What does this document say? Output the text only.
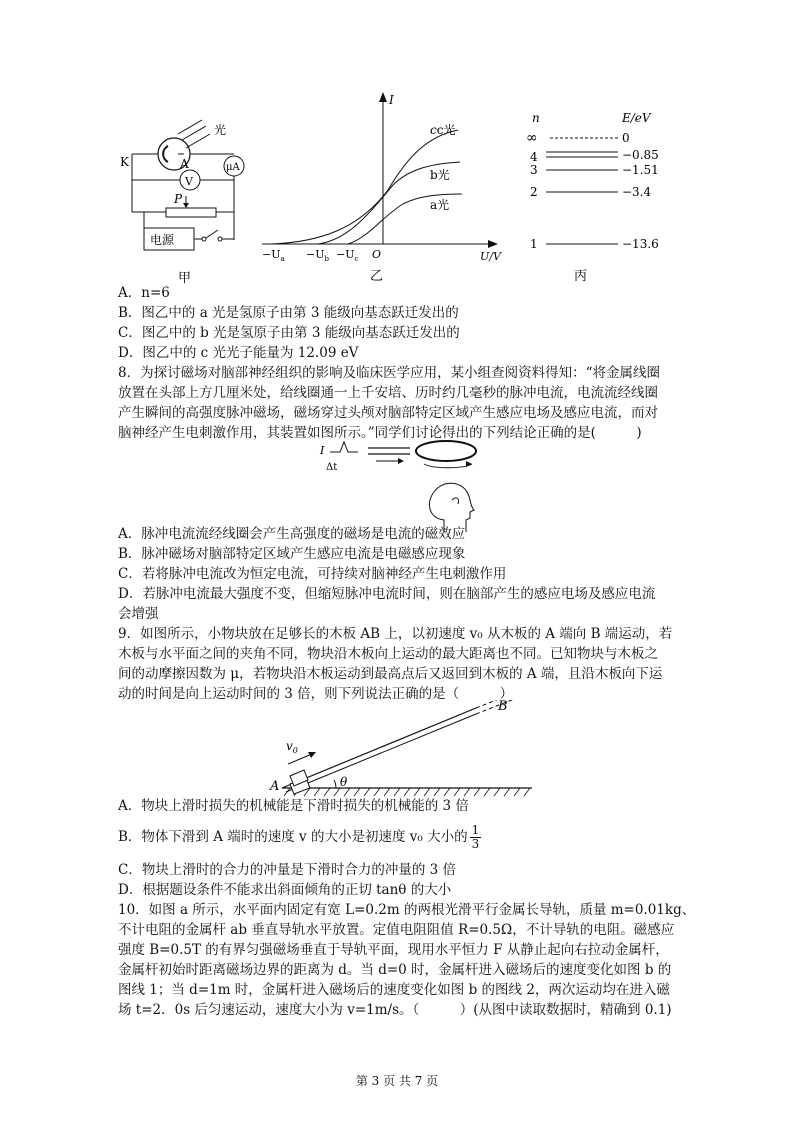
光
K	A	μA
V
P
电源
甲
I
U/V
O
$-U_a -U_b -U_c$
cc光
b光
a光
乙
n	E/eV
∞	0
4	−0.85
3	−1.51
2	−3.4
1	−13.6
丙
A．n=6
B．图乙中的 a 光是氢原子由第 3 能级向基态跃迁发出的
C．图乙中的 b 光是氢原子由第 3 能级向基态跃迁发出的
D．图乙中的 c 光光子能量为 12.09 eV
8．为探讨磁场对脑部神经组织的影响及临床医学应用，某小组查阅资料得知：“将金属线圈
放置在头部上方几厘米处，给线圈通一上千安培、历时约几毫秒的脉冲电流，电流流经线圈
产生瞬间的高强度脉冲磁场，磁场穿过头颅对脑部特定区域产生感应电场及感应电流，而对
脑神经产生电刺激作用，其装置如图所示。”同学们讨论得出的下列结论正确的是(　　　)
I
Δt
A．脉冲电流流经线圈会产生高强度的磁场是电流的磁效应
B．脉冲磁场对脑部特定区域产生感应电流是电磁感应现象
C．若将脉冲电流改为恒定电流，可持续对脑神经产生电刺激作用
D．若脉冲电流最大强度不变，但缩短脉冲电流时间，则在脑部产生的感应电场及感应电流
会增强
9．如图所示，小物块放在足够长的木板 AB 上，以初速度 v₀ 从木板的 A 端向 B 端运动，若
木板与水平面之间的夹角不同，物块沿木板向上运动的最大距离也不同。已知物块与木板之
间的动摩擦因数为 μ，若物块沿木板运动到最高点后又返回到木板的 A 端，且沿木板向下运
动的时间是向上运动时间的 3 倍，则下列说法正确的是（　　　）
$v_0$
A
B
θ
A．物块上滑时损失的机械能是下滑时损失的机械能的 3 倍
B．物体下滑到 A 端时的速度 v 的大小是初速度 v₀ 大小的 $\frac{1}{3}$
C．物块上滑时的合力的冲量是下滑时合力的冲量的 3 倍
D．根据题设条件不能求出斜面倾角的正切 tanθ 的大小
10．如图 a 所示，水平面内固定有宽 L=0.2m 的两根光滑平行金属长导轨，质量 m=0.01kg、
不计电阻的金属杆 ab 垂直导轨水平放置。定值电阻阻值 R=0.5Ω，不计导轨的电阻。磁感应
强度 B=0.5T 的有界匀强磁场垂直于导轨平面，现用水平恒力 F 从静止起向右拉动金属杆，
金属杆初始时距离磁场边界的距离为 d。当 d=0 时，金属杆进入磁场后的速度变化如图 b 的
图线 1；当 d=1m 时，金属杆进入磁场后的速度变化如图 b 的图线 2，两次运动均在进入磁
场 t=2．0s 后匀速运动，速度大小为 v=1m/s。（　　　）(从图中读取数据时，精确到 0.1)
第 3 页 共 7 页
